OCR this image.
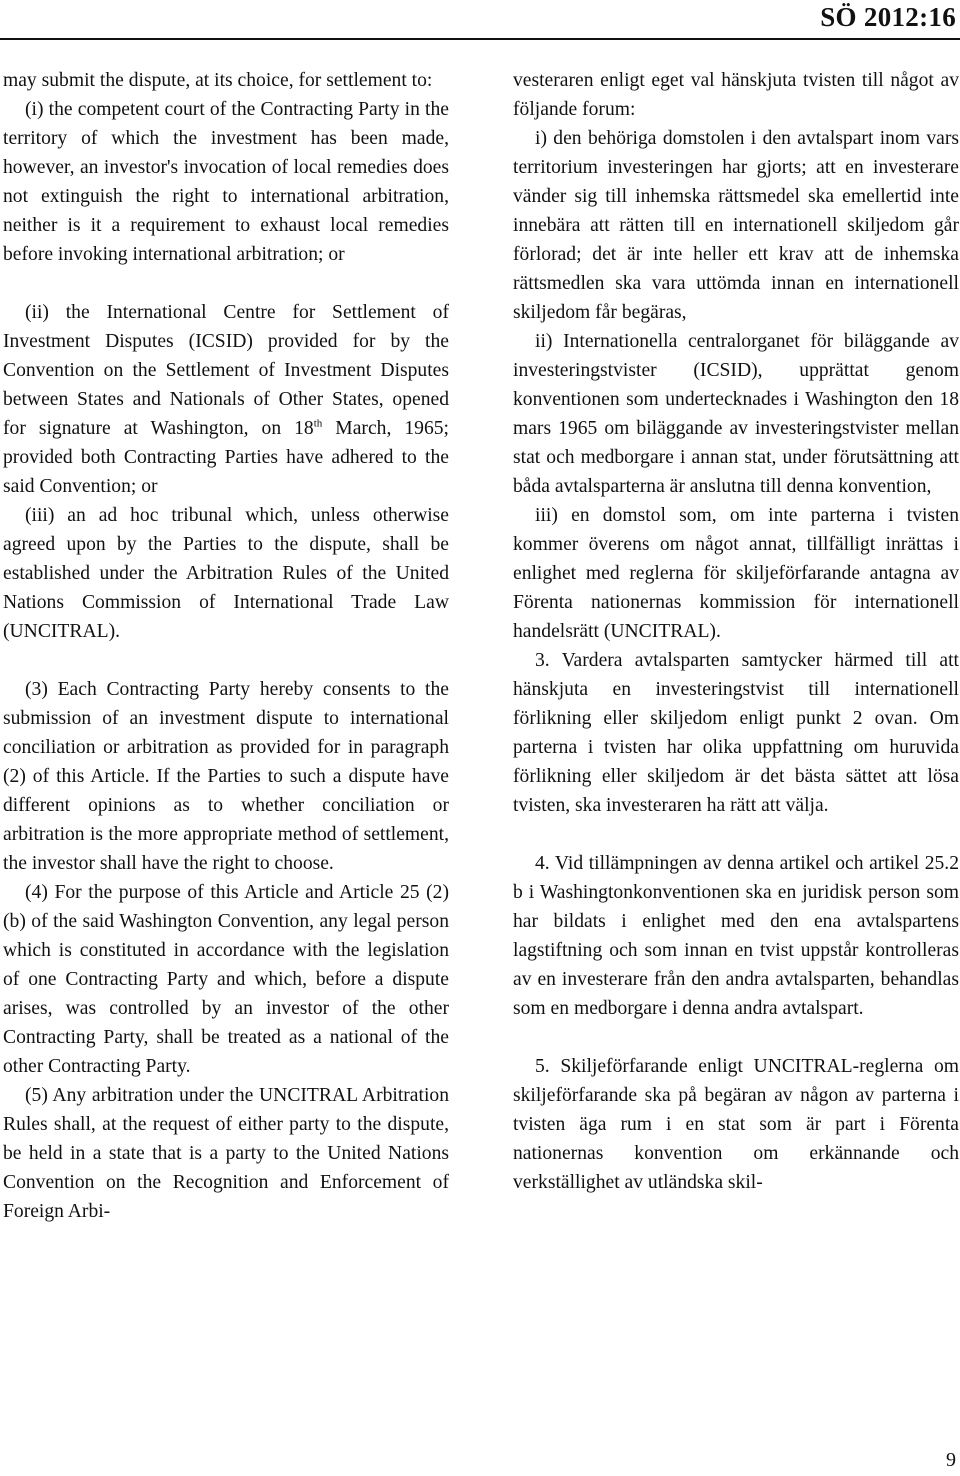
SÖ 2012:16

may submit the dispute, at its choice, for settlement to:

(i) the competent court of the Contracting Party in the territory of which the investment has been made, however, an investor's invocation of local remedies does not extinguish the right to international arbitration, neither is it a requirement to exhaust local remedies before invoking international arbitration; or

(ii) the International Centre for Settlement of Investment Disputes (ICSID) provided for by the Convention on the Settlement of Investment Disputes between States and Nationals of Other States, opened for signature at Washington, on 18th March, 1965; provided both Contracting Parties have adhered to the said Convention; or

(iii) an ad hoc tribunal which, unless otherwise agreed upon by the Parties to the dispute, shall be established under the Arbitration Rules of the United Nations Commission of International Trade Law (UNCITRAL).

(3) Each Contracting Party hereby consents to the submission of an investment dispute to international conciliation or arbitration as provided for in paragraph (2) of this Article. If the Parties to such a dispute have different opinions as to whether conciliation or arbitration is the more appropriate method of settlement, the investor shall have the right to choose.

(4) For the purpose of this Article and Article 25 (2) (b) of the said Washington Convention, any legal person which is constituted in accordance with the legislation of one Contracting Party and which, before a dispute arises, was controlled by an investor of the other Contracting Party, shall be treated as a national of the other Contracting Party.

(5) Any arbitration under the UNCITRAL Arbitration Rules shall, at the request of either party to the dispute, be held in a state that is a party to the United Nations Convention on the Recognition and Enforcement of Foreign Arbi-

vesteraren enligt eget val hänskjuta tvisten till något av följande forum:

i) den behöriga domstolen i den avtalspart inom vars territorium investeringen har gjorts; att en investerare vänder sig till inhemska rättsmedel ska emellertid inte innebära att rätten till en internationell skiljedom går förlorad; det är inte heller ett krav att de inhemska rättsmedlen ska vara uttömda innan en internationell skiljedom får begäras,

ii) Internationella centralorganet för biläggande av investeringstvister (ICSID), upprättat genom konventionen som undertecknades i Washington den 18 mars 1965 om biläggande av investeringstvister mellan stat och medborgare i annan stat, under förutsättning att båda avtalsparterna är anslutna till denna konvention,

iii) en domstol som, om inte parterna i tvisten kommer överens om något annat, tillfälligt inrättas i enlighet med reglerna för skiljeförfarande antagna av Förenta nationernas kommission för internationell handelsrätt (UNCITRAL).

3. Vardera avtalsparten samtycker härmed till att hänskjuta en investeringstvist till internationell förlikning eller skiljedom enligt punkt 2 ovan. Om parterna i tvisten har olika uppfattning om huruvida förlikning eller skiljedom är det bästa sättet att lösa tvisten, ska investeraren ha rätt att välja.

4. Vid tillämpningen av denna artikel och artikel 25.2 b i Washingtonkonventionen ska en juridisk person som har bildats i enlighet med den ena avtalspartens lagstiftning och som innan en tvist uppstår kontrolleras av en investerare från den andra avtalsparten, behandlas som en medborgare i denna andra avtalspart.

5. Skiljeförfarande enligt UNCITRAL-reglerna om skiljeförfarande ska på begäran av någon av parterna i tvisten äga rum i en stat som är part i Förenta nationernas konvention om erkännande och verkställighet av utländska skil-

9
